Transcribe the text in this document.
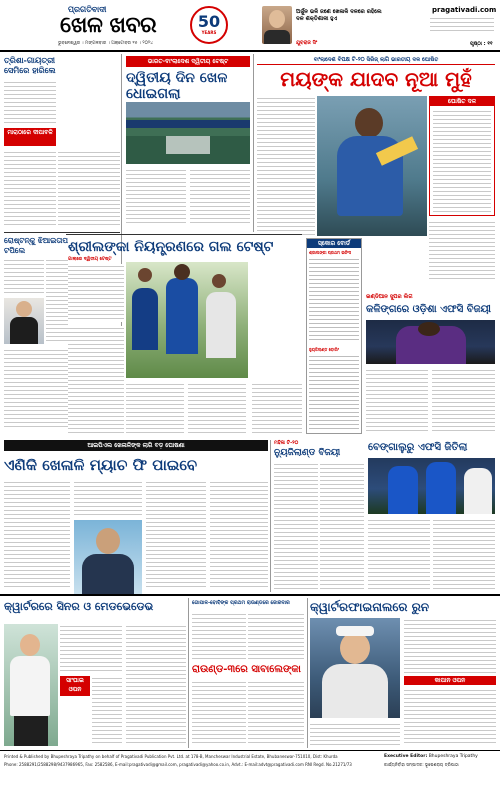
ପ୍ରଗତିବାଦୀ
ଖେଳ ଖବର	50
YEARS
ଭୁବନେଶ୍ୱର । ମଙ୍ଗଳବାର । ଅକ୍ଟୋବର ୧୫ । ୨୦୨୪
ଅର୍ଜୁନ ଭଳି ଜଣେ ଖେଳାଳି ଦଳରେ ରହିଲେ ଦଳ ଶକ୍ତିଶାଳୀ ହୁଏ
ଯୁବରାଜ ସିଂ
pragativadi.com
ପୃଷ୍ଠା : ୧୧
ତ୍ରିଶା-ଗାୟତ୍ରୀ ସେମିରେ ହାରିଲେ
ମାରାଠାରେ ଦୀପାବଳି
ରୋଷ୍ଟନ୍‌କୁ ଝିଆଇତାପ ଟପିଲେ
ଭାରତ-ବାଂଲାଦେଶ ଦ୍ୱିତୀୟ ଟେଷ୍ଟ
ଦ୍ୱିତୀୟ ଦିନ ଖେଳ ଧୋଇଗଲା
ବାଂଲାଦେଶ ବିପକ୍ଷ ଟି-୨୦ ସିରିଜ୍ ଲାଗି ଭାରତୀୟ ଦଳ ଘୋଷିତ
ମୟଙ୍କ ଯାଦବ ନୂଆ ମୁହଁ
ଘୋଷିତ ଦଳ
ଶ୍ରୀଲଙ୍କା ନିୟନ୍ତ୍ରଣରେ ଗଲ ଟେଷ୍ଟ
ଗାଲାରେ ଦ୍ୱିତୀୟ ଟେଷ୍ଟ
ସ୍କୋର ବୋର୍ଡ
ଶ୍ରୀଲଙ୍କା ପ୍ରଥମ ଇନିଂସ
ନ୍ୟୁଜିଲାଣ୍ଡ ବୋଲିଂ
ଇଣ୍ଡିଆନ ସୁପର ଲିଗ
କଳିଙ୍ଗରେ ଓଡ଼ିଶା ଏଫସି ବିଜୟୀ
ଆଇପିଏଲ ଖେଳାଳିଙ୍କ ଲାଗି ବଡ଼ ଘୋଷଣା
ଏଣିକି ଖେଳାଳି ମ୍ୟାଚ ଫି ପାଇବେ
ମହିଳା ଟି-୨୦
ନ୍ୟୁଜିଲାଣ୍ଡ ବିଜୟୀ	ବେଙ୍ଗାଲୁରୁ ଏଫସି ଜିତିଲା
କ୍ୱାର୍ଟରରେ ସିନର ଓ ମେଡଭେଡେଭ
ସାଂଘାଇ ଓପନ
ଗୋପାଳ-ବୋବିଙ୍କ ପ୍ରଥମ ରାଉଣ୍ଡରେ ଜୋରଦାର
ରାଉଣ୍ଡ-୩ରେ ସାବାଲେଙ୍କା
କ୍ୱାର୍ଟରଫାଇନାଲରେ ରୁନ
କାପାନ ଓପନ
Printed & Published by Bhupeshraya Tripathy on behalf of Pragativadi Publication Pvt. Ltd. at 178-B, Mancheswar Industrial Estate, Bhubaneswar-751010, Dist: Khurda
Phone: 2588291/2588298/9437986965, Fax: 2582586, E-mail:pragativadi@gmail.com, pragativadi@yahoo.co.in, Advt.: E-mail:advt@pragativadi.com RNI Regd. No.21271/73
Executive Editor: Bhupeshraya Tripathy
କାର୍ଯ୍ୟନିର୍ବାହୀ ସମ୍ପାଦକ: ଭୂପେଶରାୟ ତ୍ରିପାଠୀ
